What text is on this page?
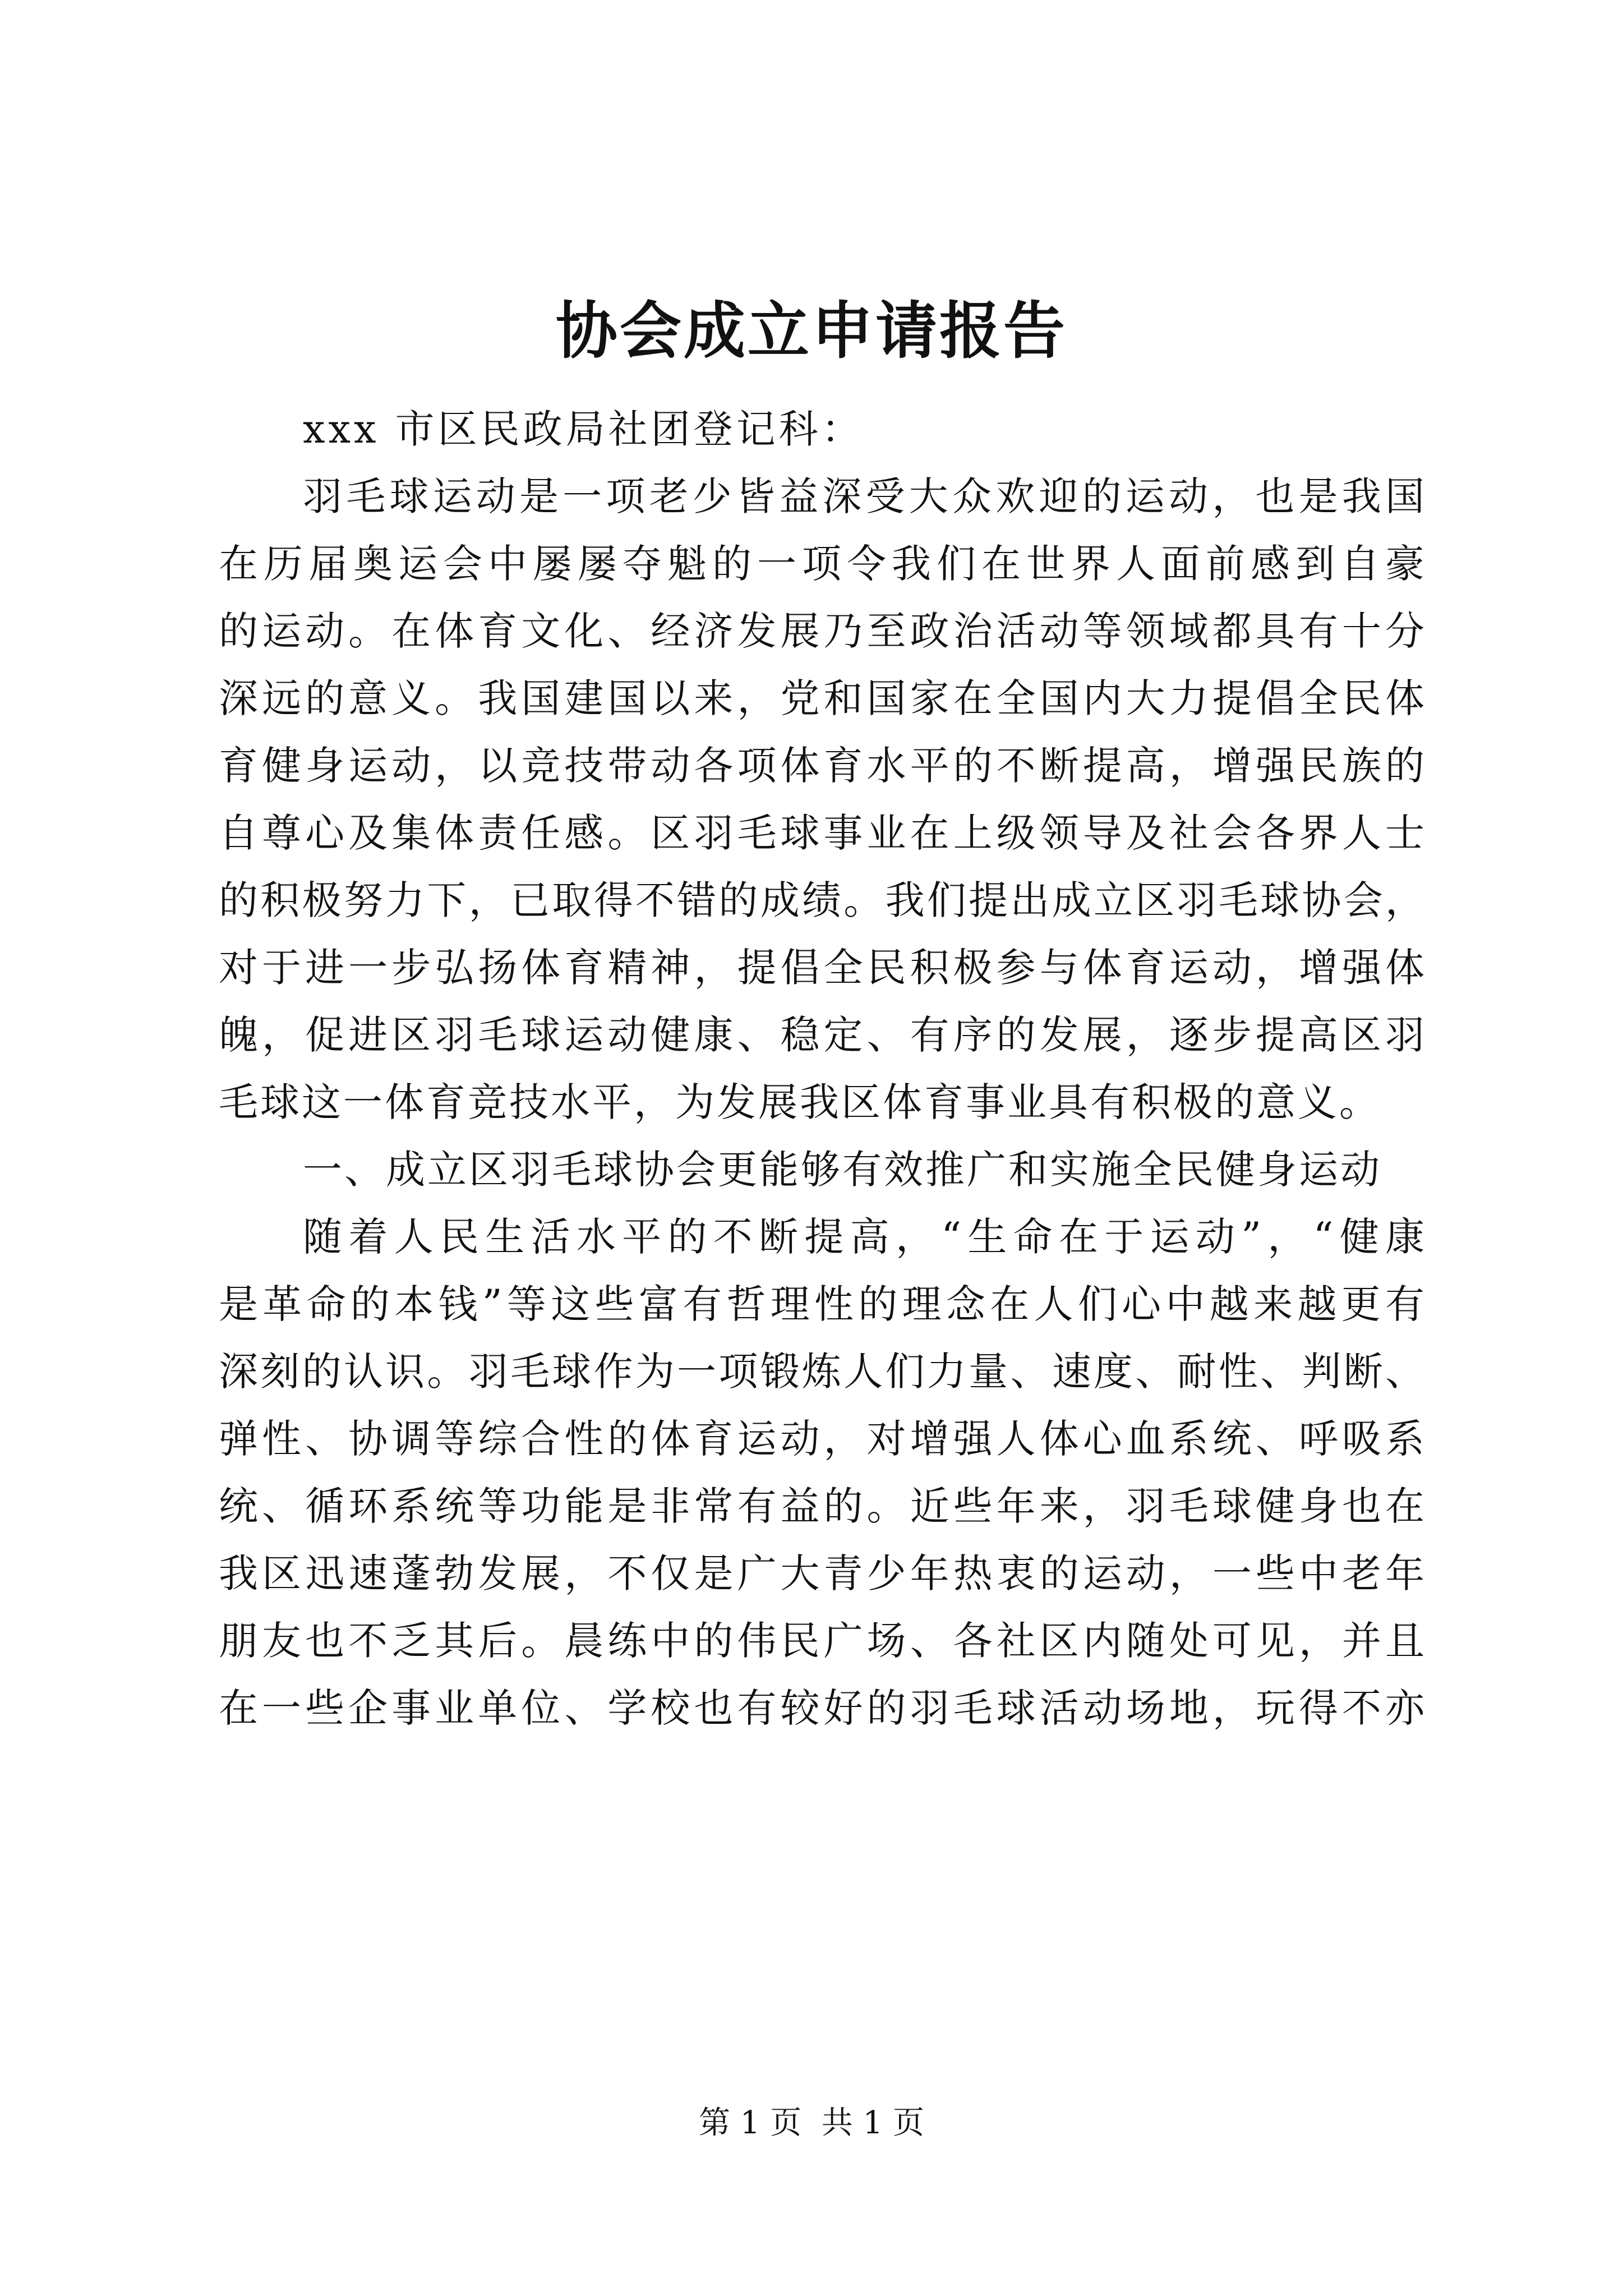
协会成立申请报告
xxx 市区民政局社团登记科：
羽毛球运动是一项老少皆益深受大众欢迎的运动，也是我国
在历届奥运会中屡屡夺魁的一项令我们在世界人面前感到自豪
的运动。在体育文化、经济发展乃至政治活动等领域都具有十分
深远的意义。我国建国以来，党和国家在全国内大力提倡全民体
育健身运动，以竞技带动各项体育水平的不断提高，增强民族的
自尊心及集体责任感。区羽毛球事业在上级领导及社会各界人士
的积极努力下，已取得不错的成绩。我们提出成立区羽毛球协会，
对于进一步弘扬体育精神，提倡全民积极参与体育运动，增强体
魄，促进区羽毛球运动健康、稳定、有序的发展，逐步提高区羽
毛球这一体育竞技水平，为发展我区体育事业具有积极的意义。
一、成立区羽毛球协会更能够有效推广和实施全民健身运动
随着人民生活水平的不断提高，“生命在于运动”，“健康
是革命的本钱”等这些富有哲理性的理念在人们心中越来越更有
深刻的认识。羽毛球作为一项锻炼人们力量、速度、耐性、判断、
弹性、协调等综合性的体育运动，对增强人体心血系统、呼吸系
统、循环系统等功能是非常有益的。近些年来，羽毛球健身也在
我区迅速蓬勃发展，不仅是广大青少年热衷的运动，一些中老年
朋友也不乏其后。晨练中的伟民广场、各社区内随处可见，并且
在一些企事业单位、学校也有较好的羽毛球活动场地，玩得不亦
第 1 页  共 1 页
